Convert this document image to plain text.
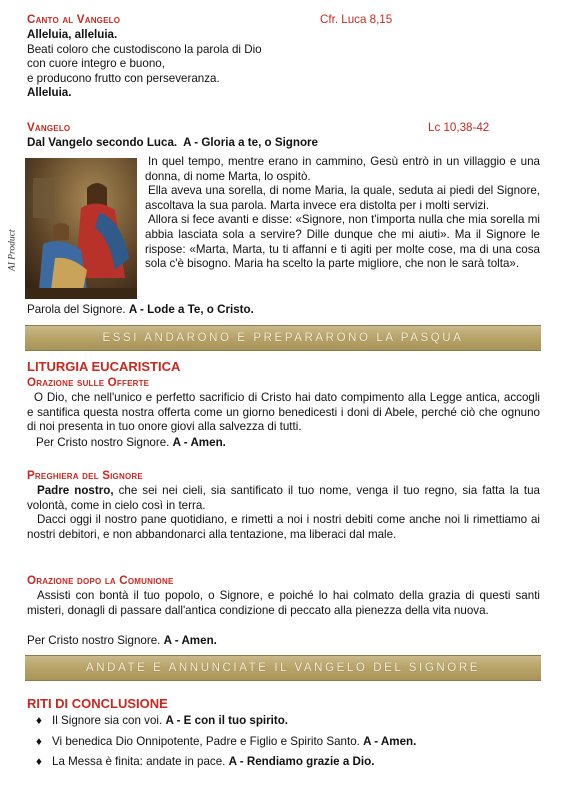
Canto al Vangelo	Cfr. Luca 8,15

Alleluia, alleluia.

Beati coloro che custodiscono la parola di Dio

con cuore integro e buono,

e producono frutto con perseveranza.

Alleluia.

Vangelo	Lc 10,38-42
Dal Vangelo secondo Luca. A - Gloria a te, o Signore
AI Product

In quel tempo, mentre erano in cammino, Gesù entrò in un villaggio e una donna, di nome Marta, lo ospitò.

Ella aveva una sorella, di nome Maria, la quale, seduta ai piedi del Signore, ascoltava la sua parola. Marta invece era distolta per i molti servizi.

Allora si fece avanti e disse: «Signore, non t'importa nulla che mia sorella mi abbia lasciata sola a servire? Dille dunque che mi aiuti». Ma il Signore le rispose: «Marta, Marta, tu ti affanni e ti agiti per molte cose, ma di una cosa sola c'è bisogno. Maria ha scelto la parte migliore, che non le sarà tolta».

Parola del Signore. A - Lode a Te, o Cristo.
ESSI ANDARONO E PREPARARONO LA PASQUA
LITURGIA EUCARISTICA
Orazione sulle Offerte
O Dio, che nell'unico e perfetto sacrificio di Cristo hai dato compimento alla Legge antica, accogli e santifica questa nostra offerta come un giorno benedicesti i doni di Abele, perché ciò che ognuno di noi presenta in tuo onore giovi alla salvezza di tutti.
Per Cristo nostro Signore. A - Amen.
Preghiera del Signore

Padre nostro, che sei nei cieli, sia santificato il tuo nome, venga il tuo regno, sia fatta la tua volontà, come in cielo così in terra.

Dacci oggi il nostro pane quotidiano, e rimetti a noi i nostri debiti come anche noi li rimettiamo ai nostri debitori, e non abbandonarci alla tentazione, ma liberaci dal male.

Orazione dopo la Comunione
Assisti con bontà il tuo popolo, o Signore, e poiché lo hai colmato della grazia di questi santi misteri, donagli di passare dall'antica condizione di peccato alla pienezza della vita nuova.
Per Cristo nostro Signore. A - Amen.
ANDATE E ANNUNCIATE IL VANGELO DEL SIGNORE
RITI DI CONCLUSIONE
♦ Il Signore sia con voi. A - E con il tuo spirito.
♦ Vi benedica Dio Onnipotente, Padre e Figlio e Spirito Santo. A - Amen.
♦ La Messa è finita: andate in pace. A - Rendiamo grazie a Dio.
